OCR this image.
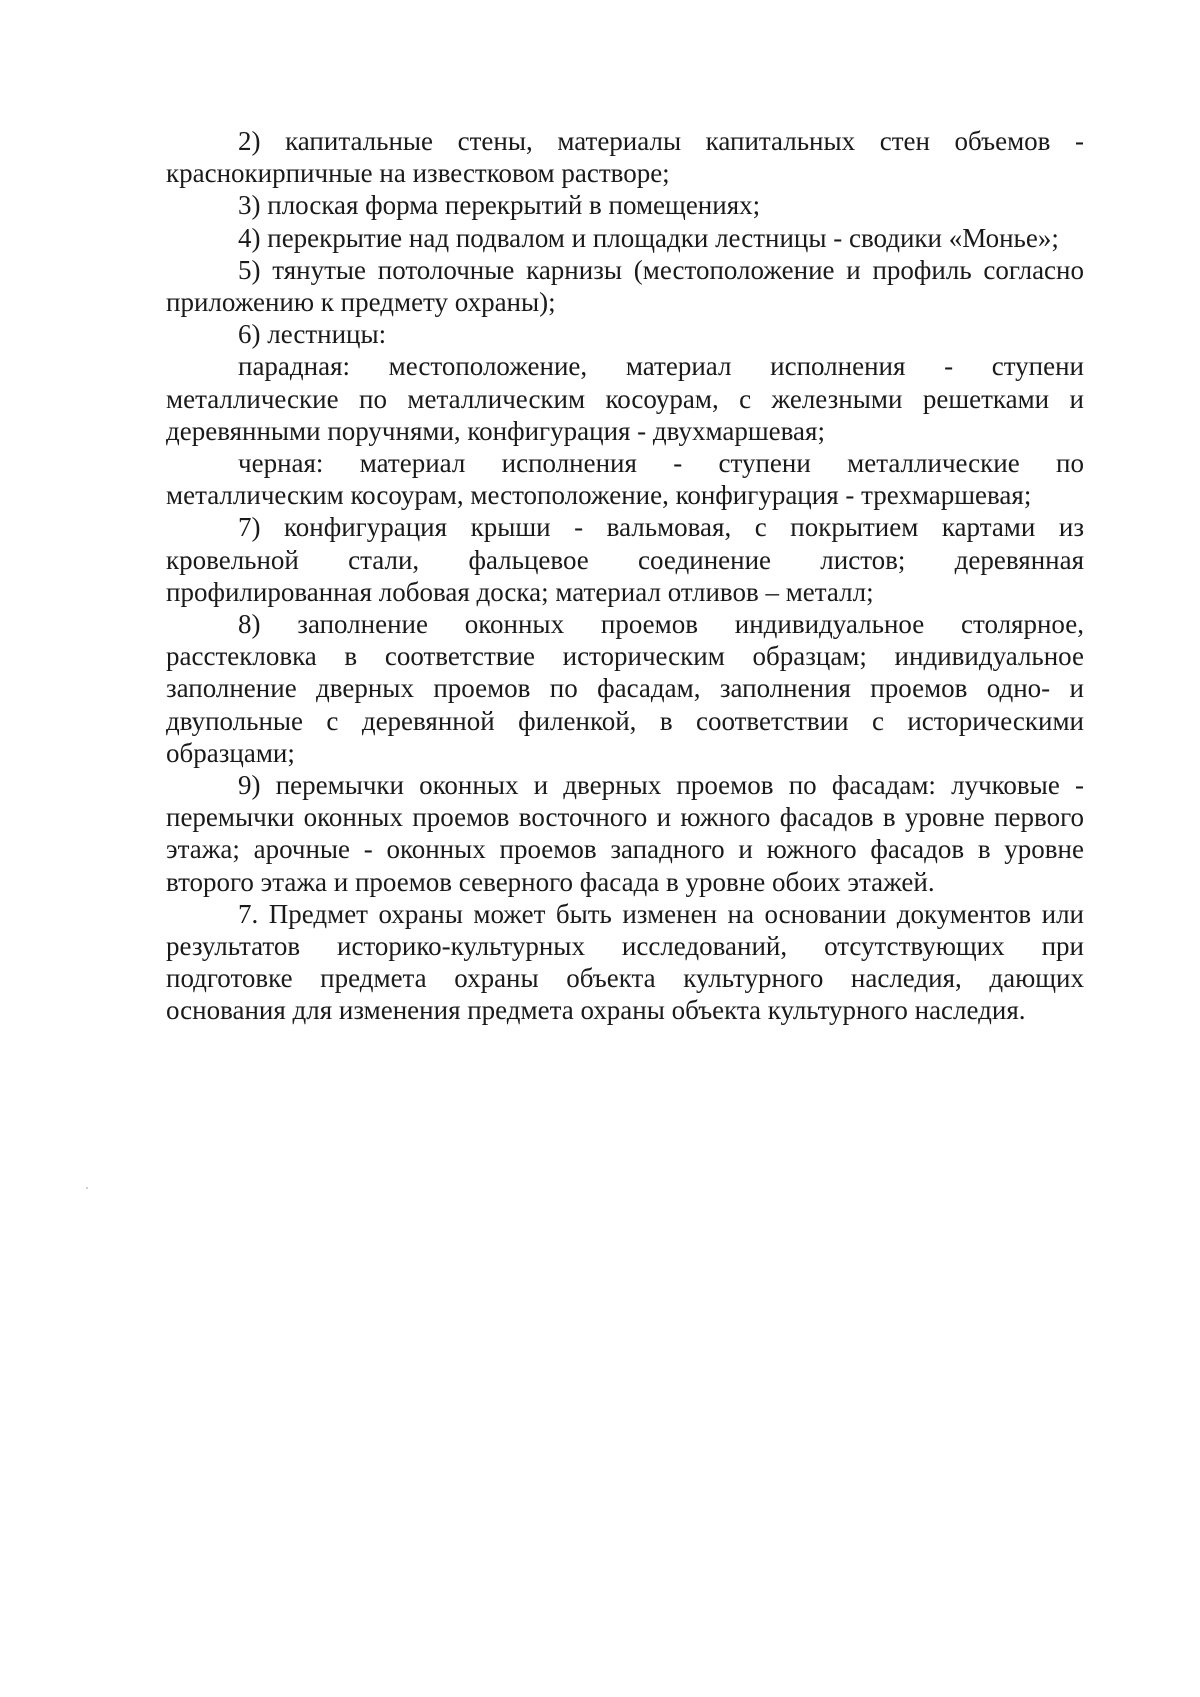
2) капитальные стены, материалы капитальных стен объемов - краснокирпичные на известковом растворе;

3) плоская форма перекрытий в помещениях;

4) перекрытие над подвалом и площадки лестницы - сводики «Монье»;

5) тянутые потолочные карнизы (местоположение и профиль согласно приложению к предмету охраны);

6) лестницы:

парадная: местоположение, материал исполнения - ступени металлические по металлическим косоурам, с железными решетками и деревянными поручнями, конфигурация - двухмаршевая;

черная: материал исполнения - ступени металлические по металлическим косоурам, местоположение, конфигурация - трехмаршевая;

7) конфигурация крыши - вальмовая, с покрытием картами из кровельной стали, фальцевое соединение листов; деревянная профилированная лобовая доска; материал отливов – металл;

8) заполнение оконных проемов индивидуальное столярное, расстекловка в соответствие историческим образцам; индивидуальное заполнение дверных проемов по фасадам, заполнения проемов одно- и двупольные с деревянной филенкой, в соответствии с историческими образцами;

9) перемычки оконных и дверных проемов по фасадам: лучковые - перемычки оконных проемов восточного и южного фасадов в уровне первого этажа; арочные - оконных проемов западного и южного фасадов в уровне второго этажа и проемов северного фасада в уровне обоих этажей.

7. Предмет охраны может быть изменен на основании документов или результатов историко-культурных исследований, отсутствующих при подготовке предмета охраны объекта культурного наследия, дающих основания для изменения предмета охраны объекта культурного наследия.
